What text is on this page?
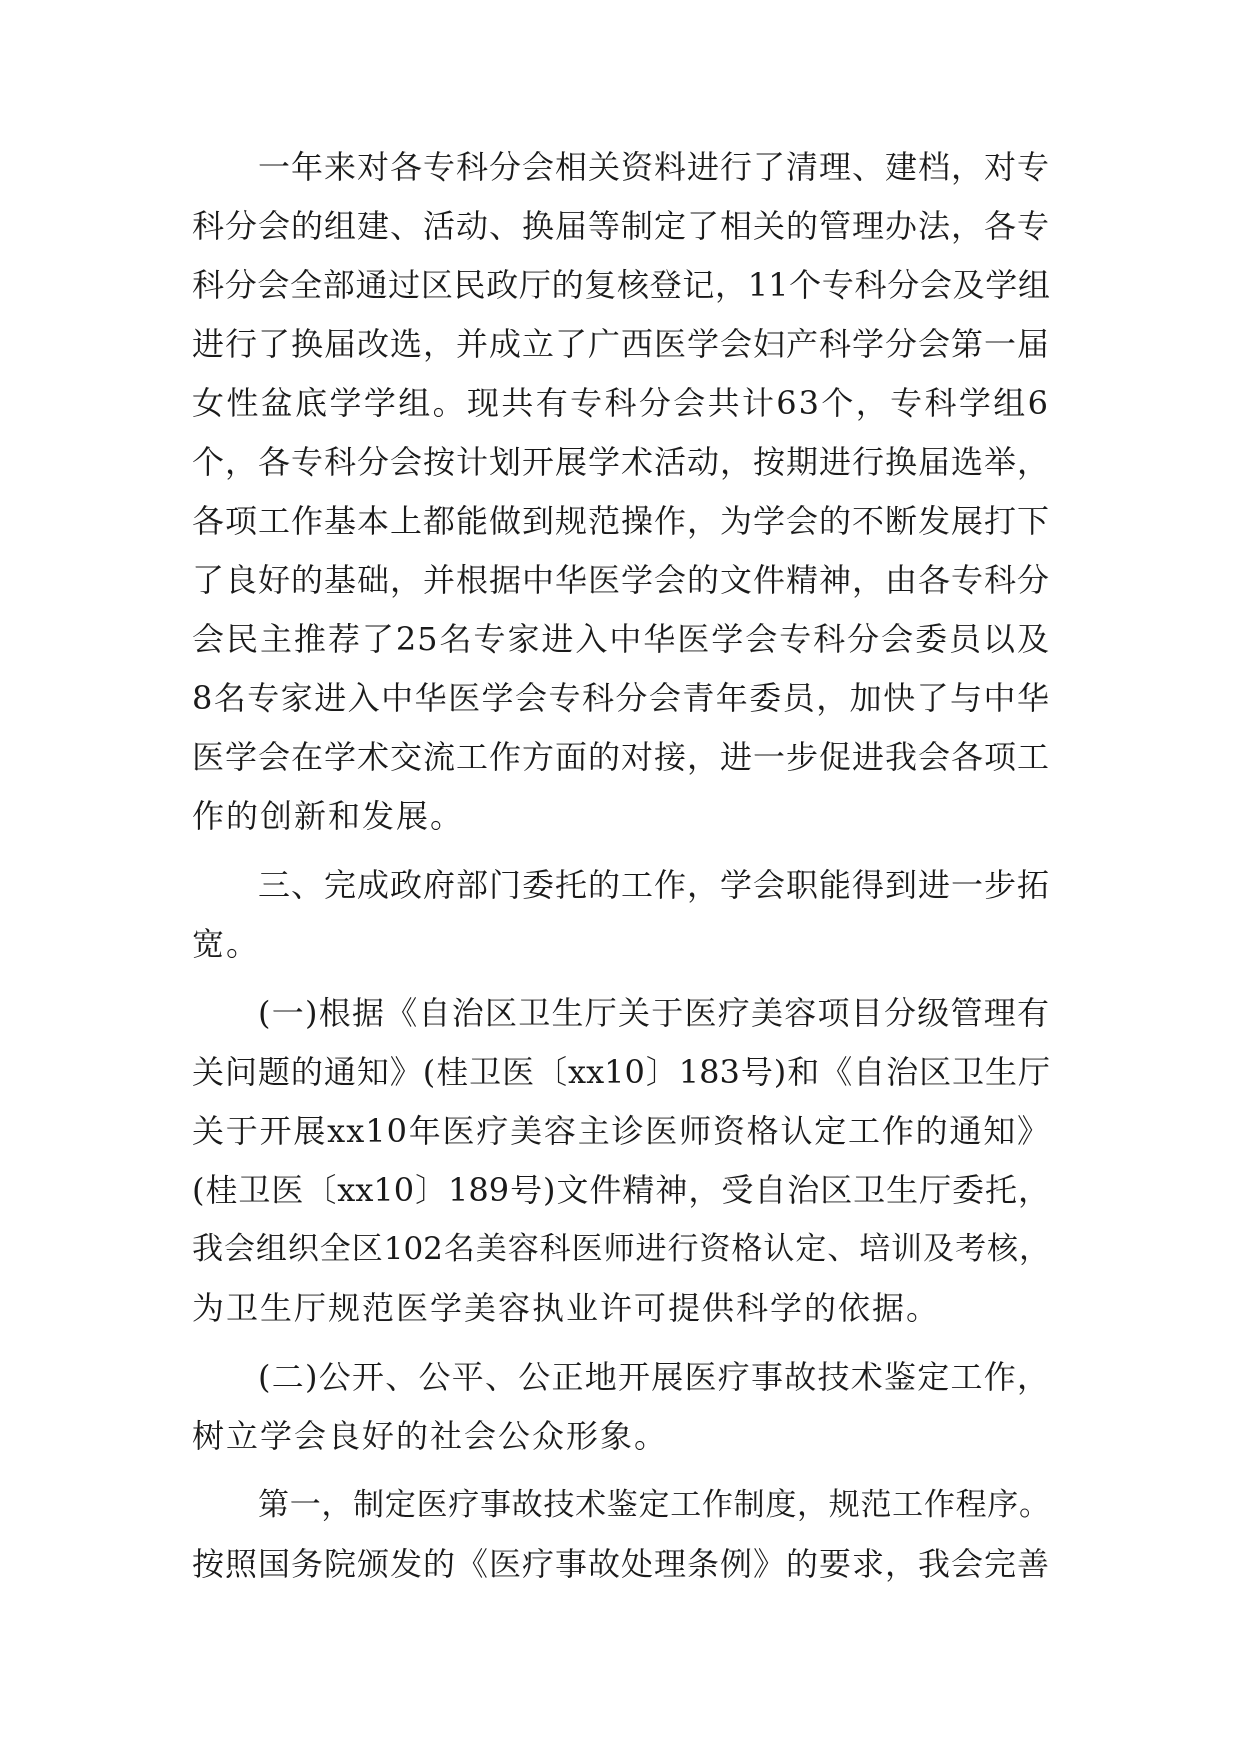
一年来对各专科分会相关资料进行了清理、建档，对专
科分会的组建、活动、换届等制定了相关的管理办法，各专
科分会全部通过区民政厅的复核登记，11个专科分会及学组
进行了换届改选，并成立了广西医学会妇产科学分会第一届
女性盆底学学组。现共有专科分会共计63个，专科学组6
个，各专科分会按计划开展学术活动，按期进行换届选举，
各项工作基本上都能做到规范操作，为学会的不断发展打下
了良好的基础，并根据中华医学会的文件精神，由各专科分
会民主推荐了25名专家进入中华医学会专科分会委员以及
8名专家进入中华医学会专科分会青年委员，加快了与中华
医学会在学术交流工作方面的对接，进一步促进我会各项工
作的创新和发展。
三、完成政府部门委托的工作，学会职能得到进一步拓
宽。
(一)根据《自治区卫生厅关于医疗美容项目分级管理有
关问题的通知》(桂卫医〔xx10〕183号)和《自治区卫生厅
关于开展xx10年医疗美容主诊医师资格认定工作的通知》
(桂卫医〔xx10〕189号)文件精神，受自治区卫生厅委托，
我会组织全区102名美容科医师进行资格认定、培训及考核，
为卫生厅规范医学美容执业许可提供科学的依据。
(二)公开、公平、公正地开展医疗事故技术鉴定工作，
树立学会良好的社会公众形象。
第一，制定医疗事故技术鉴定工作制度，规范工作程序。
按照国务院颁发的《医疗事故处理条例》的要求，我会完善
